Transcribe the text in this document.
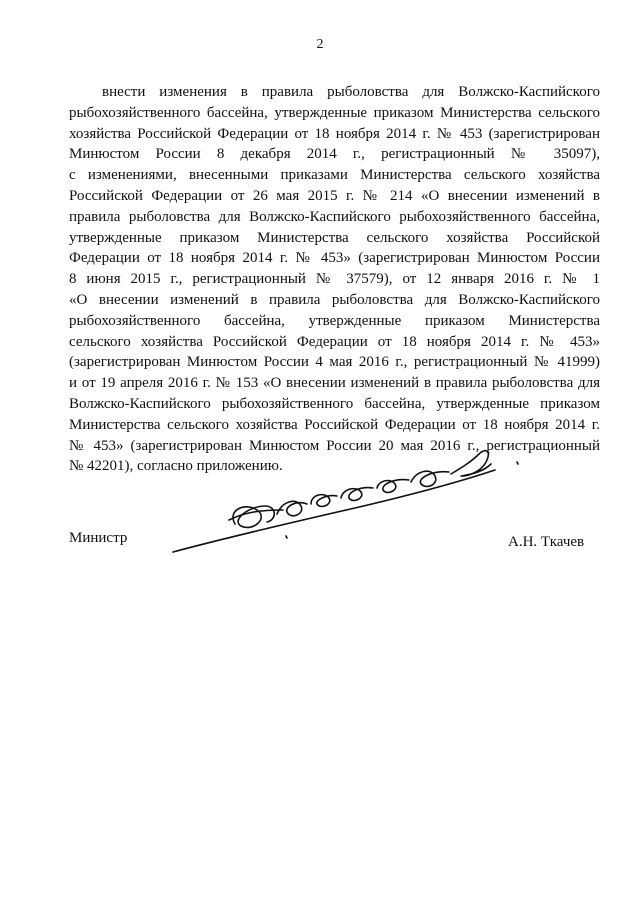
2
внести изменения в правила рыболовства для Волжско-Каспийского
рыбохозяйственного бассейна, утвержденные приказом Министерства сельского
хозяйства Российской Федерации от 18 ноября 2014 г. № 453 (зарегистрирован
Минюстом России 8 декабря 2014 г., регистрационный № 35097),
с изменениями, внесенными приказами Министерства сельского хозяйства
Российской Федерации от 26 мая 2015 г. № 214 «О внесении изменений в
правила рыболовства для Волжско-Каспийского рыбохозяйственного бассейна,
утвержденные приказом Министерства сельского хозяйства Российской
Федерации от 18 ноября 2014 г. № 453» (зарегистрирован Минюстом России
8 июня 2015 г., регистрационный № 37579), от 12 января 2016 г. № 1
«О внесении изменений в правила рыболовства для Волжско-Каспийского
рыбохозяйственного бассейна, утвержденные приказом Министерства
сельского хозяйства Российской Федерации от 18 ноября 2014 г. № 453»
(зарегистрирован Минюстом России 4 мая 2016 г., регистрационный № 41999)
и от 19 апреля 2016 г. № 153 «О внесении изменений в правила рыболовства для
Волжско-Каспийского рыбохозяйственного бассейна, утвержденные приказом
Министерства сельского хозяйства Российской Федерации от 18 ноября 2014 г.
№ 453» (зарегистрирован Минюстом России 20 мая 2016 г., регистрационный
№ 42201), согласно приложению.
Министр	А.Н. Ткачев
